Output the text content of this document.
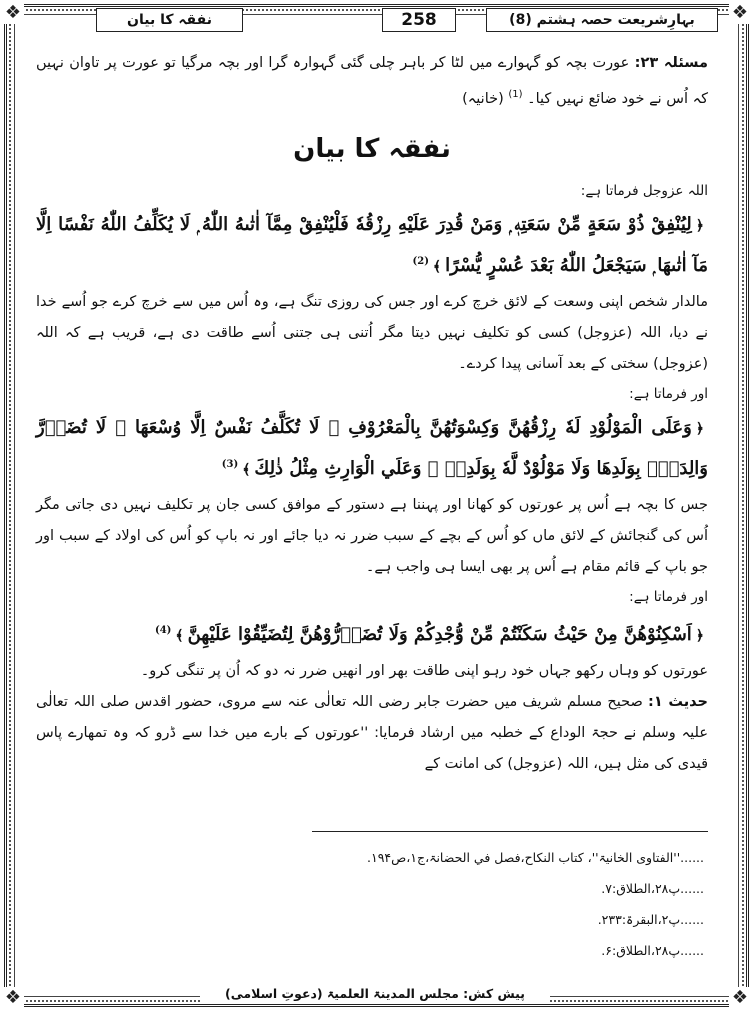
❖	❖
❖	❖
بہارِشریعت حصہ ہشتم (8)
258
نفقہ کا بیان

مسئلہ ۲۳: عورت بچہ کو گہوارے میں لٹا کر باہر چلی گئی گہوارہ گرا اور بچہ مرگیا تو عورت پر تاوان نہیں کہ اُس نے خود ضائع نہیں کیا۔ $^{(1)}$ (خانیہ)

نفقہ کا بیان

اللہ عزوجل فرماتا ہے:

﴿لِيُنْفِقْ ذُوْ سَعَةٍ مِّنْ سَعَتِهٖ ۭ وَمَنْ قُدِرَ عَلَيْهِ رِزْقُهٗ فَلْيُنْفِقْ مِمَّآ اٰتٰىهُ اللّٰهُ ۭ لَا يُكَلِّفُ اللّٰهُ نَفْسًا اِلَّا مَآ اٰتٰىهَا ۭ سَيَجْعَلُ اللّٰهُ بَعْدَ عُسْرٍ يُّسْرًا﴾$^{(2)}$

مالدار شخص اپنی وسعت کے لائق خرچ کرے اور جس کی روزی تنگ ہے، وہ اُس میں سے خرچ کرے جو اُسے خدا نے دیا، اللہ (عزوجل) کسی کو تکلیف نہیں دیتا مگر اُتنی ہی جتنی اُسے طاقت دی ہے، قریب ہے کہ اللہ (عزوجل) سختی کے بعد آسانی پیدا کردے۔

اور فرماتا ہے:

﴿وَعَلَى الْمَوْلُوْدِ لَهٗ رِزْقُهُنَّ وَكِسْوَتُهُنَّ بِالْمَعْرُوْفِ ۭ لَا تُكَلَّفُ نَفْسٌ اِلَّا وُسْعَهَا ۚ لَا تُضَاۗرَّ وَالِدَةٌۢ بِوَلَدِھَا وَلَا مَوْلُوْدٌ لَّهٗ بِوَلَدِهٖ ۤ وَعَلَي الْوَارِثِ مِثْلُ ذٰلِكَ﴾$^{(3)}$

جس کا بچہ ہے اُس پر عورتوں کو کھانا اور پہننا ہے دستور کے موافق کسی جان پر تکلیف نہیں دی جاتی مگر اُس کی گنجائش کے لائق ماں کو اُس کے بچے کے سبب ضرر نہ دیا جائے اور نہ باپ کو اُس کی اولاد کے سبب اور جو باپ کے قائم مقام ہے اُس پر بھی ایسا ہی واجب ہے۔

اور فرماتا ہے:

﴿اَسْكِنُوْهُنَّ مِنْ حَيْثُ سَكَنْتُمْ مِّنْ وُّجْدِكُمْ وَلَا تُضَاۗرُّوْهُنَّ لِتُضَيِّقُوْا عَلَيْهِنَّ﴾$^{(4)}$

عورتوں کو وہاں رکھو جہاں خود رہو اپنی طاقت بھر اور انھیں ضرر نہ دو کہ اُن پر تنگی کرو۔

حدیث ۱: صحیح مسلم شریف میں حضرت جابر رضی اللہ تعالٰی عنہ سے مروی، حضور اقدس صلی اللہ تعالٰی علیہ وسلم نے حجۃ الوداع کے خطبہ میں ارشاد فرمایا: ''عورتوں کے بارے میں خدا سے ڈرو کہ وہ تمھارے پاس قیدی کی مثل ہیں، اللہ (عزوجل) کی امانت کے

......''الفتاوی الخانیۃ''، کتاب النکاح،فصل في الحضانۃ،ج۱،ص۱۹۴.

......پ۲۸،الطلاق:۷.

......پ۲،البقرۃ:۲۳۳.

......پ۲۸،الطلاق:۶.

پیش کش: مجلس المدینۃ العلمیۃ (دعوتِ اسلامی)
